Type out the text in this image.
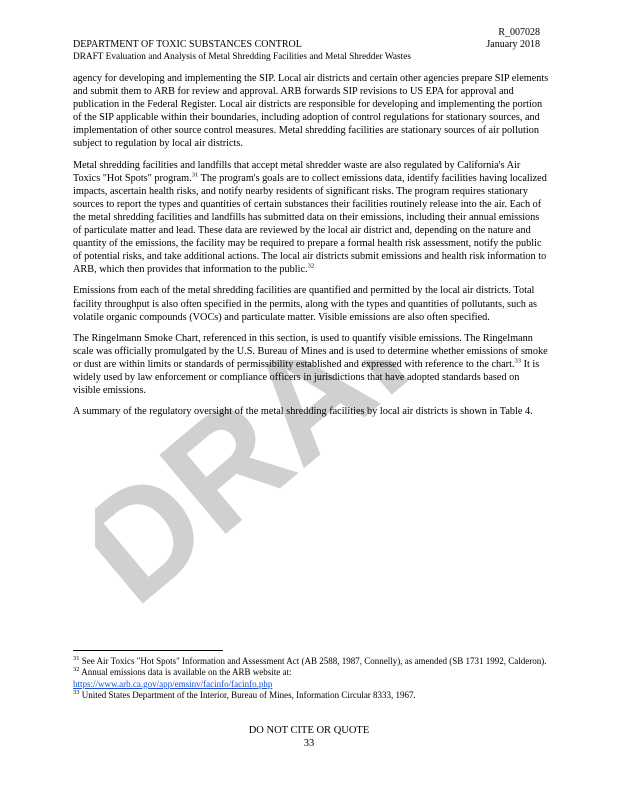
DRAFT
R_007028
January 2018
DEPARTMENT OF TOXIC SUBSTANCES CONTROL
DRAFT Evaluation and Analysis of Metal Shredding Facilities and Metal Shredder Wastes

agency for developing and implementing the SIP. Local air districts and certain other agencies prepare SIP elements and submit them to ARB for review and approval. ARB forwards SIP revisions to US EPA for approval and publication in the Federal Register. Local air districts are responsible for developing and implementing the portion of the SIP applicable within their boundaries, including adoption of control regulations for stationary sources, and implementation of other source control measures. Metal shredding facilities are stationary sources of air pollution subject to regulation by local air districts.

Metal shredding facilities and landfills that accept metal shredder waste are also regulated by California's Air Toxics "Hot Spots" program.$^{31}$ The program's goals are to collect emissions data, identify facilities having localized impacts, ascertain health risks, and notify nearby residents of significant risks. The program requires stationary sources to report the types and quantities of certain substances their facilities routinely release into the air. Each of the metal shredding facilities and landfills has submitted data on their emissions, including their annual emissions of particulate matter and lead. These data are reviewed by the local air district and, depending on the nature and quantity of the emissions, the facility may be required to prepare a formal health risk assessment, notify the public of potential risks, and take additional actions. The local air districts submit emissions and health risk information to ARB, which then provides that information to the public.$^{32}$

Emissions from each of the metal shredding facilities are quantified and permitted by the local air districts. Total facility throughput is also often specified in the permits, along with the types and quantities of pollutants, such as volatile organic compounds (VOCs) and particulate matter. Visible emissions are also often specified.

The Ringelmann Smoke Chart, referenced in this section, is used to quantify visible emissions. The Ringelmann scale was officially promulgated by the U.S. Bureau of Mines and is used to determine whether emissions of smoke or dust are within limits or standards of permissibility established and expressed with reference to the chart.$^{33}$ It is widely used by law enforcement or compliance officers in jurisdictions that have adopted standards based on visible emissions.

A summary of the regulatory oversight of the metal shredding facilities by local air districts is shown in Table 4.

$^{31}$ See Air Toxics "Hot Spots" Information and Assessment Act (AB 2588, 1987, Connelly), as amended (SB 1731 1992, Calderon).

$^{32}$ Annual emissions data is available on the ARB website at:

https://www.arb.ca.gov/app/emsinv/facinfo/facinfo.php

$^{33}$ United States Department of the Interior, Bureau of Mines, Information Circular 8333, 1967.

DO NOT CITE OR QUOTE
33
